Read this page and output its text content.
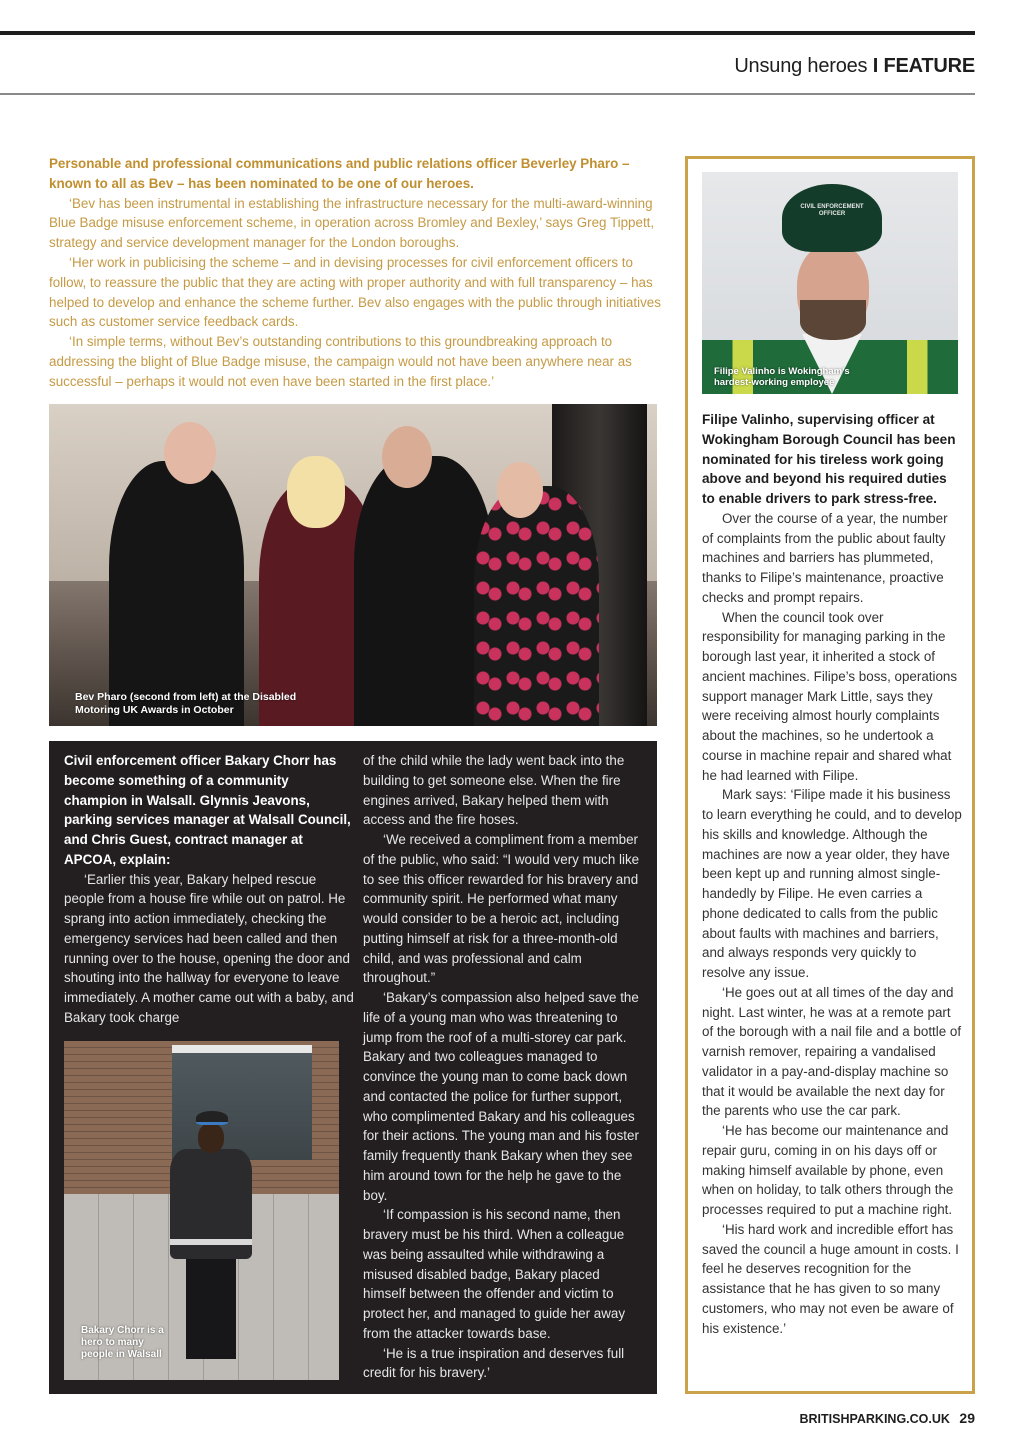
Unsung heroes I FEATURE

Personable and professional communications and public relations officer Beverley Pharo – known to all as Bev – has been nominated to be one of our heroes.

‘Bev has been instrumental in establishing the infrastructure necessary for the multi-award-winning Blue Badge misuse enforcement scheme, in operation across Bromley and Bexley,’ says Greg Tippett, strategy and service development manager for the London boroughs.

‘Her work in publicising the scheme – and in devising processes for civil enforcement officers to follow, to reassure the public that they are acting with proper authority and with full transparency – has helped to develop and enhance the scheme further. Bev also engages with the public through initiatives such as customer service feedback cards.

‘In simple terms, without Bev’s outstanding contributions to this groundbreaking approach to addressing the blight of Blue Badge misuse, the campaign would not have been anywhere near as successful – perhaps it would not even have been started in the first place.’

Bev Pharo (second from left) at the Disabled Motoring UK Awards in October
CIVIL ENFORCEMENT OFFICER
Filipe Valinho is Wokingham’s hardest-working employee

Filipe Valinho, supervising officer at Wokingham Borough Council has been nominated for his tireless work going above and beyond his required duties to enable drivers to park stress-free.

Over the course of a year, the number of complaints from the public about faulty machines and barriers has plummeted, thanks to Filipe’s maintenance, proactive checks and prompt repairs.

When the council took over responsibility for managing parking in the borough last year, it inherited a stock of ancient machines. Filipe’s boss, operations support manager Mark Little, says they were receiving almost hourly complaints about the machines, so he undertook a course in machine repair and shared what he had learned with Filipe.

Mark says: ‘Filipe made it his business to learn everything he could, and to develop his skills and knowledge. Although the machines are now a year older, they have been kept up and running almost single-handedly by Filipe. He even carries a phone dedicated to calls from the public about faults with machines and barriers, and always responds very quickly to resolve any issue.

‘He goes out at all times of the day and night. Last winter, he was at a remote part of the borough with a nail file and a bottle of varnish remover, repairing a vandalised validator in a pay-and-display machine so that it would be available the next day for the parents who use the car park.

‘He has become our maintenance and repair guru, coming in on his days off or making himself available by phone, even when on holiday, to talk others through the processes required to put a machine right.

‘His hard work and incredible effort has saved the council a huge amount in costs. I feel he deserves recognition for the assistance that he has given to so many customers, who may not even be aware of his existence.’

Civil enforcement officer Bakary Chorr has become something of a community champion in Walsall. Glynnis Jeavons, parking services manager at Walsall Council, and Chris Guest, contract manager at APCOA, explain:

‘Earlier this year, Bakary helped rescue people from a house fire while out on patrol. He sprang into action immediately, checking the emergency services had been called and then running over to the house, opening the door and shouting into the hallway for everyone to leave immediately. A mother came out with a baby, and Bakary took charge

Bakary Chorr is a hero to many people in Walsall

of the child while the lady went back into the building to get someone else. When the fire engines arrived, Bakary helped them with access and the fire hoses.

‘We received a compliment from a member of the public, who said: “I would very much like to see this officer rewarded for his bravery and community spirit. He performed what many would consider to be a heroic act, including putting himself at risk for a three-month-old child, and was professional and calm throughout.”

‘Bakary’s compassion also helped save the life of a young man who was threatening to jump from the roof of a multi-storey car park. Bakary and two colleagues managed to convince the young man to come back down and contacted the police for further support, who complimented Bakary and his colleagues for their actions. The young man and his foster family frequently thank Bakary when they see him around town for the help he gave to the boy.

‘If compassion is his second name, then bravery must be his third. When a colleague was being assaulted while withdrawing a misused disabled badge, Bakary placed himself between the offender and victim to protect her, and managed to guide her away from the attacker towards base.

‘He is a true inspiration and deserves full credit for his bravery.’

BRITISHPARKING.CO.UK 29
